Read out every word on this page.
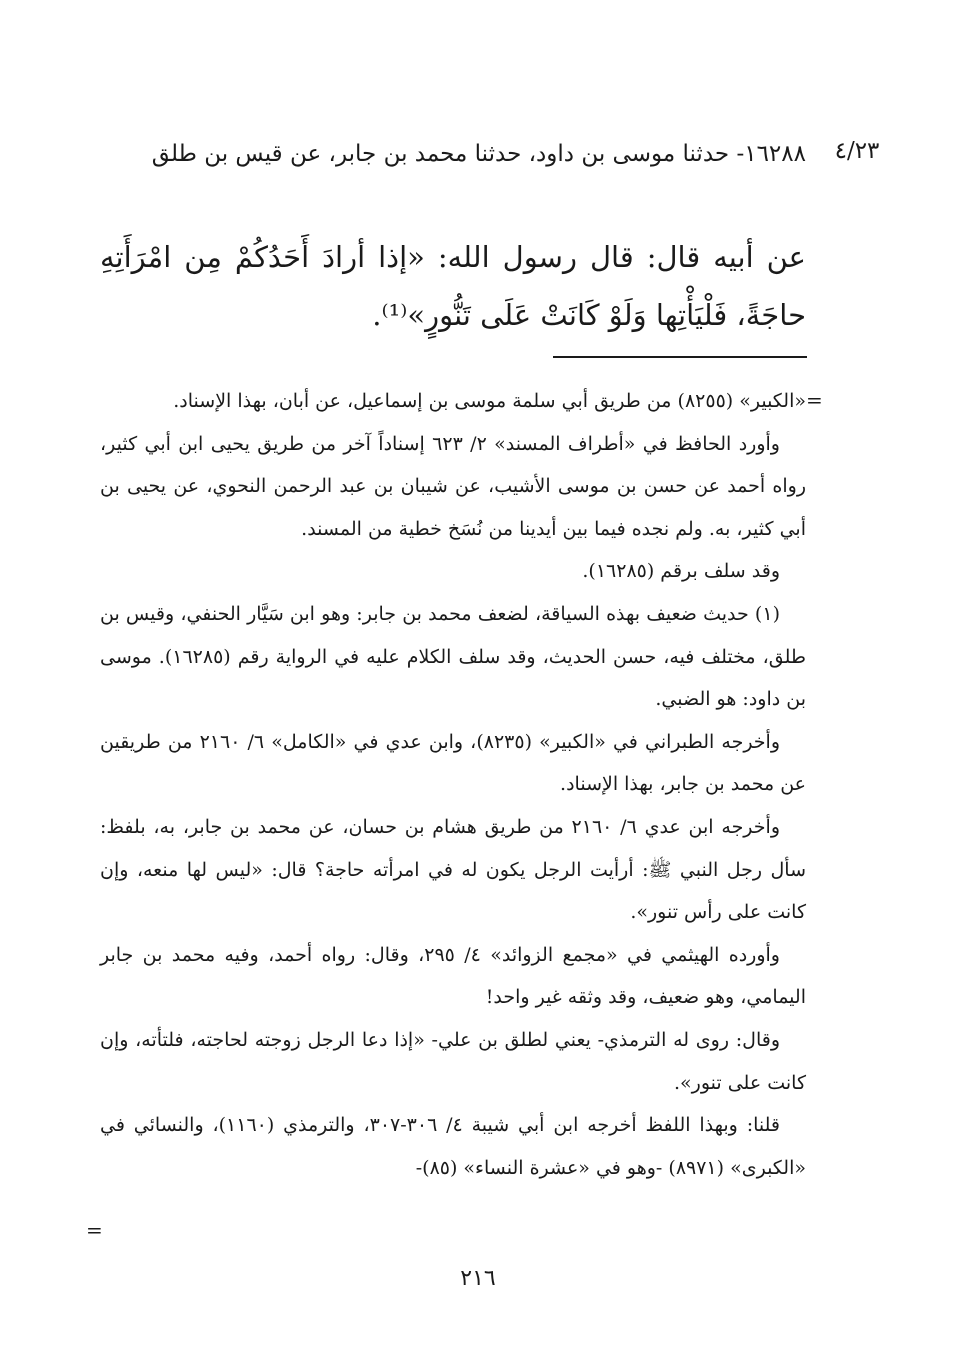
٤/٢٣
١٦٢٨٨- حدثنا موسى بن داود، حدثنا محمد بن جابر، عن قيس بن طلق
عن أبيه قال: قال رسول الله: «إذا أرادَ أَحَدُكُمْ مِن امْرَأَتِهِ حاجَةً، فَلْيَأْتِها وَلَوْ كَانَتْ عَلَى تَنُّورٍ»⁽¹⁾.
=

«الكبير» (٨٢٥٥) من طريق أبي سلمة موسى بن إسماعيل، عن أبان، بهذا الإسناد.

وأورد الحافظ في «أطراف المسند» ٢/ ٦٢٣ إسناداً آخر من طريق يحيى ابن أبي كثير، رواه أحمد عن حسن بن موسى الأشيب، عن شيبان بن عبد الرحمن النحوي، عن يحيى بن أبي كثير، به. ولم نجده فيما بين أيدينا من نُسَخ خطية من المسند.

وقد سلف برقم (١٦٢٨٥).

(١) حديث ضعيف بهذه السياقة، لضعف محمد بن جابر: وهو ابن سَيَّار الحنفي، وقيس بن طلق، مختلف فيه، حسن الحديث، وقد سلف الكلام عليه في الرواية رقم (١٦٢٨٥). موسى بن داود: هو الضبي.

وأخرجه الطبراني في «الكبير» (٨٢٣٥)، وابن عدي في «الكامل» ٦/ ٢١٦٠ من طريقين عن محمد بن جابر، بهذا الإسناد.

وأخرجه ابن عدي ٦/ ٢١٦٠ من طريق هشام بن حسان، عن محمد بن جابر، به، بلفظ: سأل رجل النبي ﷺ: أرأيت الرجل يكون له في امرأته حاجة؟ قال: «ليس لها منعه، وإن كانت على رأس تنور».

وأورده الهيثمي في «مجمع الزوائد» ٤/ ٢٩٥، وقال: رواه أحمد، وفيه محمد بن جابر اليمامي، وهو ضعيف، وقد وثقه غير واحد!

وقال: روى له الترمذي- يعني لطلق بن علي- «إذا دعا الرجل زوجته لحاجته، فلتأته، وإن كانت على تنور».

قلنا: وبهذا اللفظ أخرجه ابن أبي شيبة ٤/ ٣٠٦-٣٠٧، والترمذي (١١٦٠)، والنسائي في «الكبرى» (٨٩٧١) -وهو في «عشرة النساء» (٨٥)-

=
٢١٦
